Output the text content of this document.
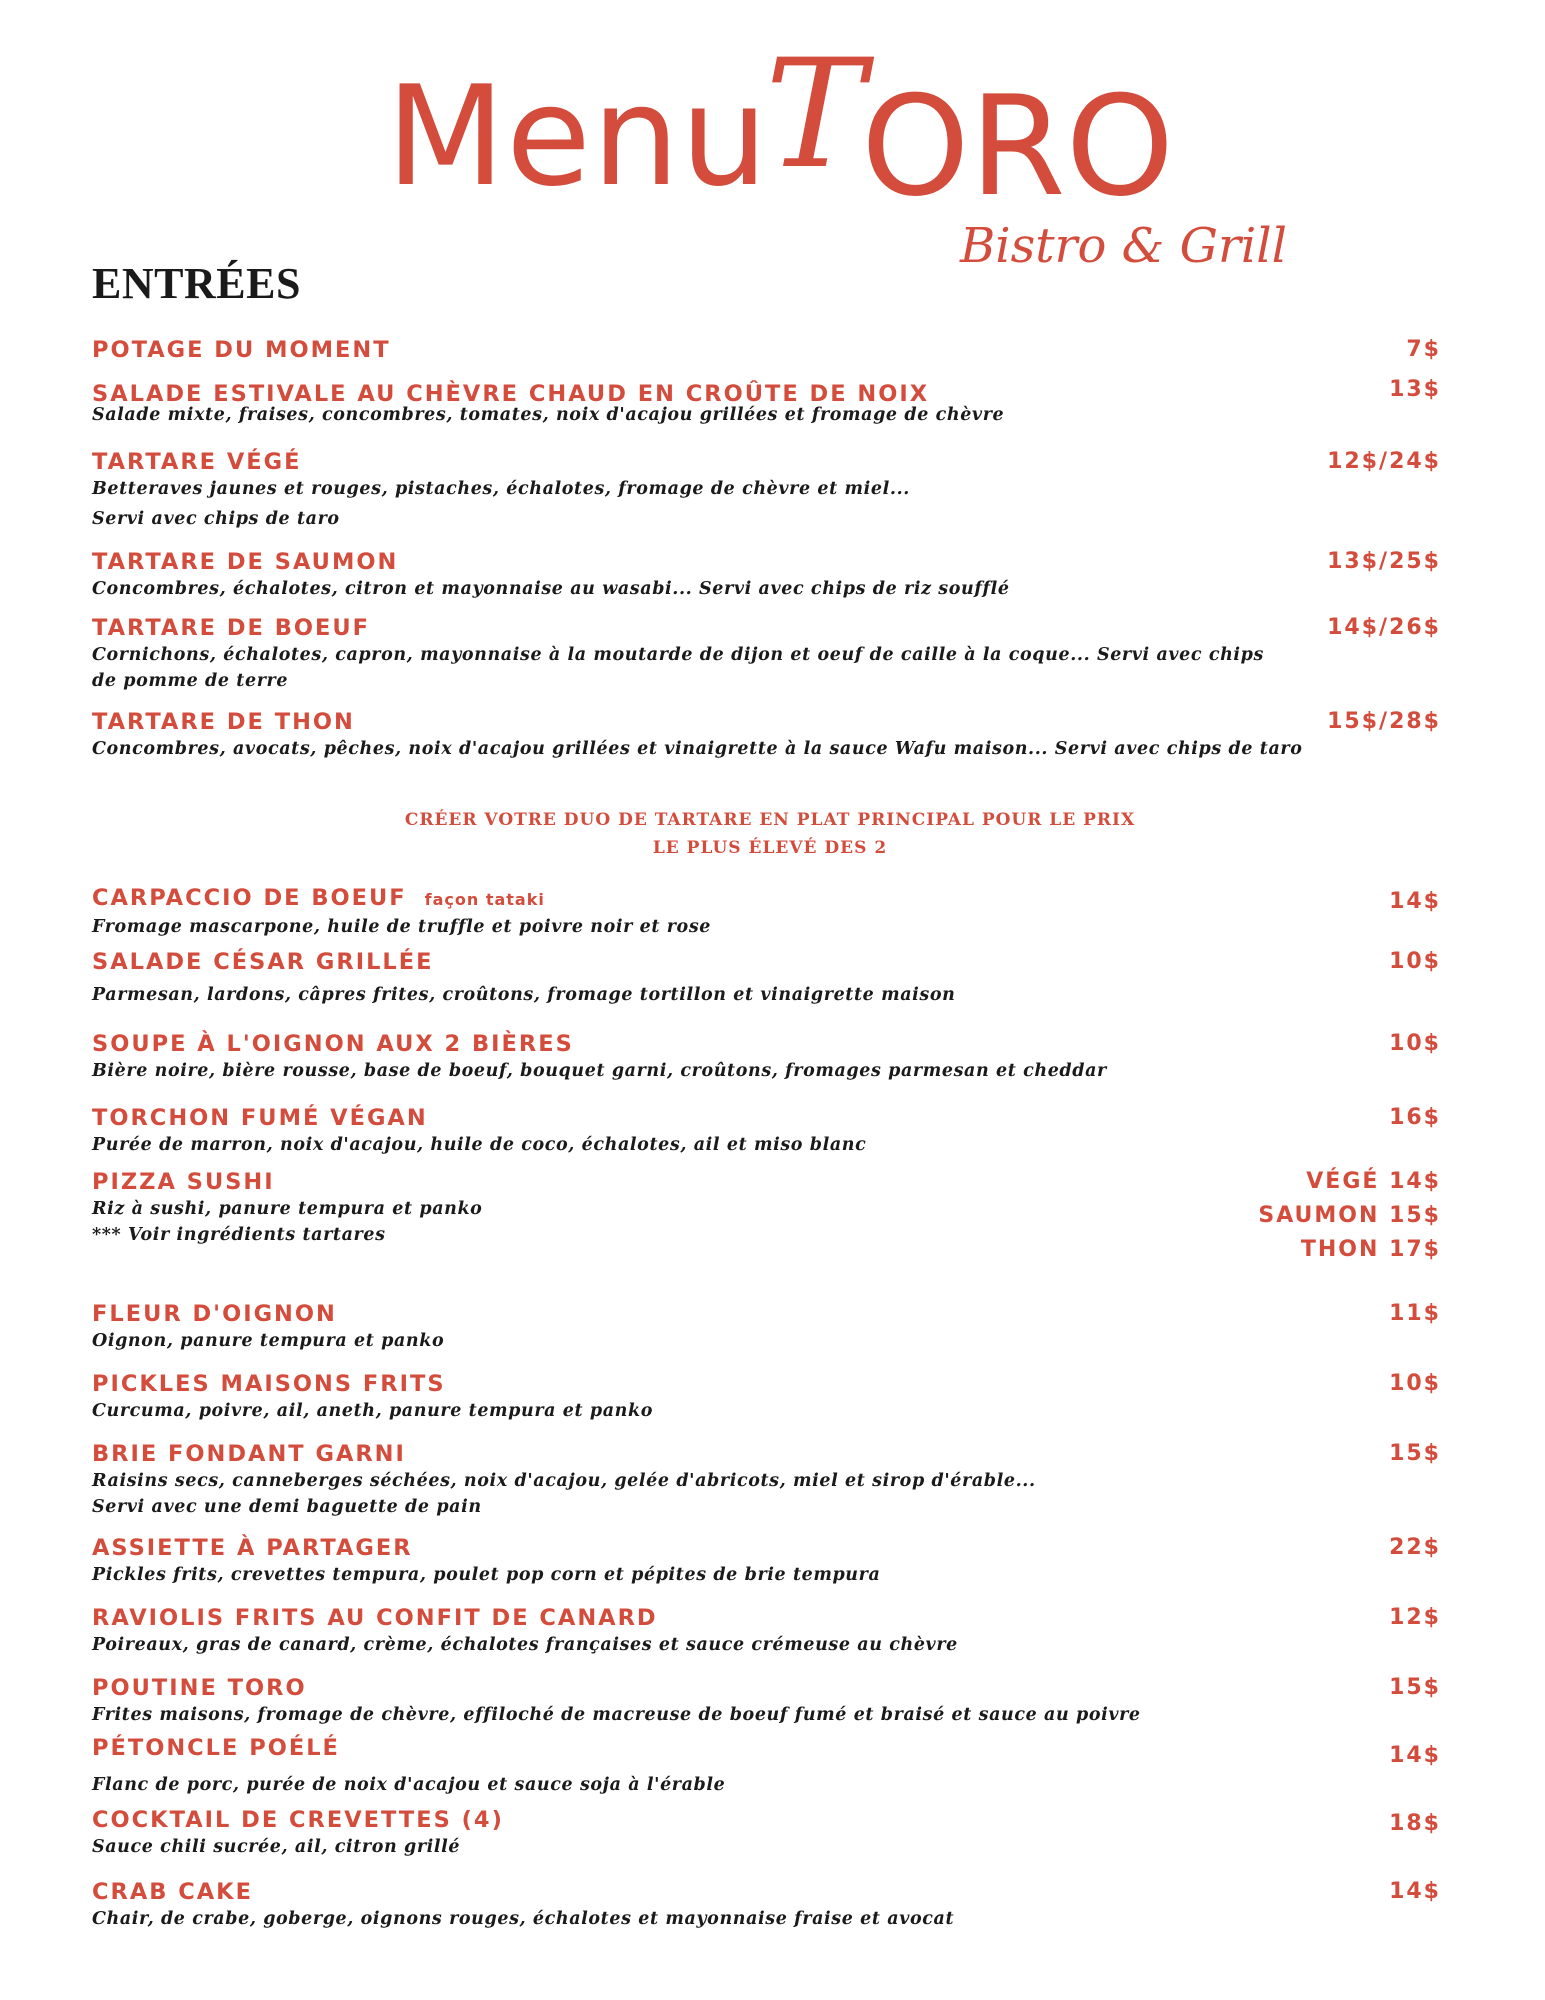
Menu
TORO
Bistro & Grill
ENTRÉES
POTAGE DU MOMENT	7$
SALADE ESTIVALE AU CHÈVRE CHAUD EN CROÛTE DE NOIX
Salade mixte, fraises, concombres, tomates, noix d'acajou grillées et fromage de chèvre
13$
TARTARE VÉGÉ
Betteraves jaunes et rouges, pistaches, échalotes, fromage de chèvre et miel...
Servi avec chips de taro
12$/24$
TARTARE DE SAUMON
Concombres, échalotes, citron et mayonnaise au wasabi... Servi avec chips de riz soufflé
13$/25$
TARTARE DE BOEUF
Cornichons, échalotes, capron, mayonnaise à la moutarde de dijon et oeuf de caille à la coque... Servi avec chips de pomme de terre
14$/26$
TARTARE DE THON
Concombres, avocats, pêches, noix d'acajou grillées et vinaigrette à la sauce Wafu maison... Servi avec chips de taro
15$/28$
CRÉER VOTRE DUO DE TARTARE EN PLAT PRINCIPAL POUR LE PRIX
LE PLUS ÉLEVÉ DES 2
CARPACCIO DE BOEUF façon tataki
Fromage mascarpone, huile de truffle et poivre noir et rose
14$
SALADE CÉSAR GRILLÉE
Parmesan, lardons, câpres frites, croûtons, fromage tortillon et vinaigrette maison
10$
SOUPE À L'OIGNON AUX 2 BIÈRES
Bière noire, bière rousse, base de boeuf, bouquet garni, croûtons, fromages parmesan et cheddar
10$
TORCHON FUMÉ VÉGAN
Purée de marron, noix d'acajou, huile de coco, échalotes, ail et miso blanc
16$
PIZZA SUSHI
Riz à sushi, panure tempura et panko
*** Voir ingrédients tartares
VÉGÉ 14$
SAUMON 15$
THON 17$
FLEUR D'OIGNON
Oignon, panure tempura et panko
11$
PICKLES MAISONS FRITS
Curcuma, poivre, ail, aneth, panure tempura et panko
10$
BRIE FONDANT GARNI
Raisins secs, canneberges séchées, noix d'acajou, gelée d'abricots, miel et sirop d'érable...
Servi avec une demi baguette de pain
15$
ASSIETTE À PARTAGER
Pickles frits, crevettes tempura, poulet pop corn et pépites de brie tempura
22$
RAVIOLIS FRITS AU CONFIT DE CANARD
Poireaux, gras de canard, crème, échalotes françaises et sauce crémeuse au chèvre
12$
POUTINE TORO
Frites maisons, fromage de chèvre, effiloché de macreuse de boeuf fumé et braisé et sauce au poivre
15$
PÉTONCLE POÉLÉ
Flanc de porc, purée de noix d'acajou et sauce soja à l'érable
14$
COCKTAIL DE CREVETTES (4)
Sauce chili sucrée, ail, citron grillé
18$
CRAB CAKE
Chair, de crabe, goberge, oignons rouges, échalotes et mayonnaise fraise et avocat
14$
